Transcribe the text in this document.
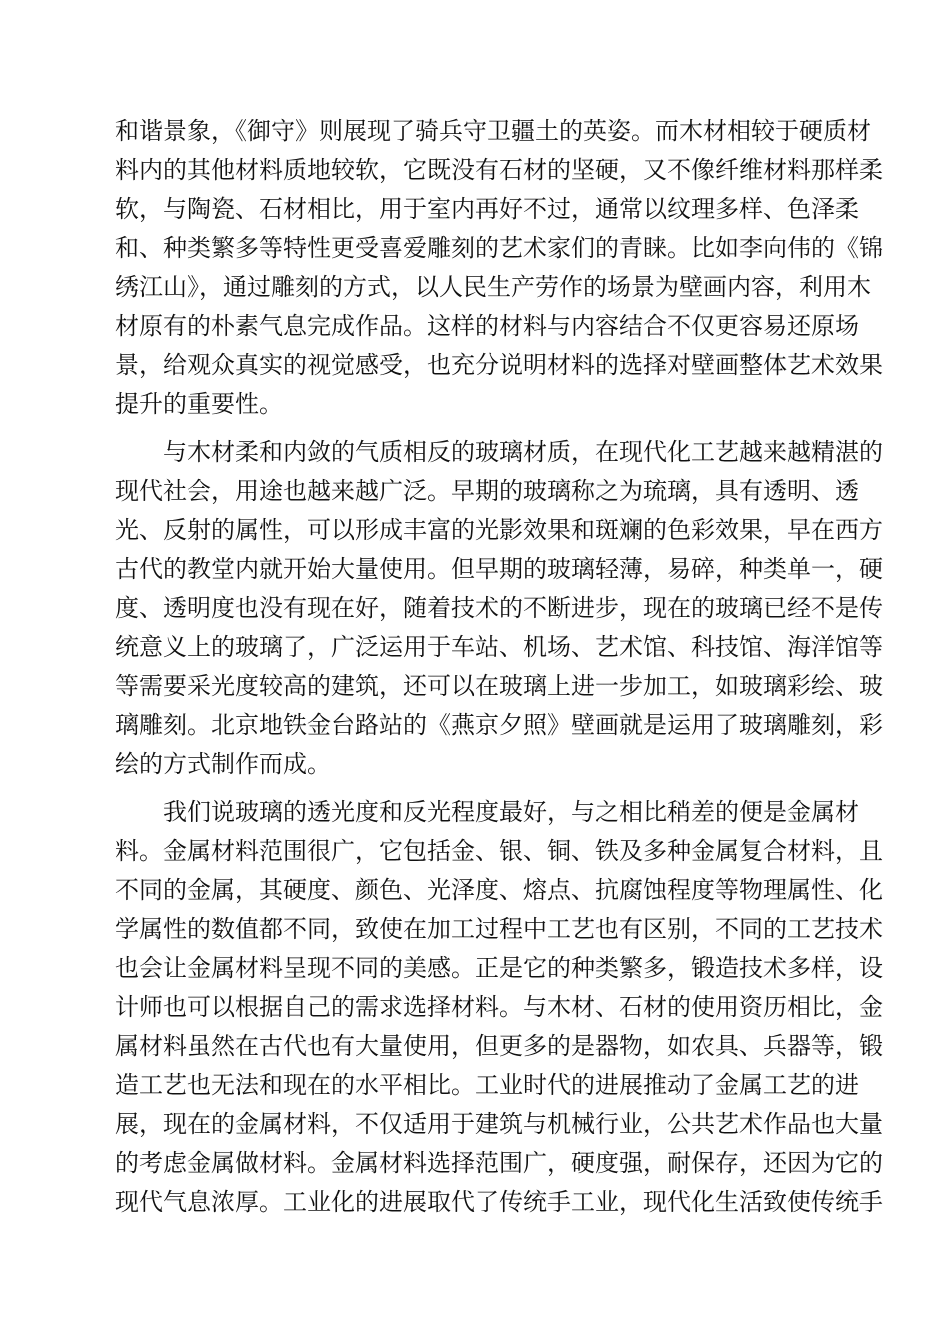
和谐景象，《御守》则展现了骑兵守卫疆土的英姿。而木材相较于硬质材
料内的其他材料质地较软，它既没有石材的坚硬，又不像纤维材料那样柔
软，与陶瓷、石材相比，用于室内再好不过，通常以纹理多样、色泽柔
和、种类繁多等特性更受喜爱雕刻的艺术家们的青睐。比如李向伟的《锦
绣江山》，通过雕刻的方式，以人民生产劳作的场景为壁画内容，利用木
材原有的朴素气息完成作品。这样的材料与内容结合不仅更容易还原场
景，给观众真实的视觉感受，也充分说明材料的选择对壁画整体艺术效果
提升的重要性。
与木材柔和内敛的气质相反的玻璃材质，在现代化工艺越来越精湛的
现代社会，用途也越来越广泛。早期的玻璃称之为琉璃，具有透明、透
光、反射的属性，可以形成丰富的光影效果和斑斓的色彩效果，早在西方
古代的教堂内就开始大量使用。但早期的玻璃轻薄，易碎，种类单一，硬
度、透明度也没有现在好，随着技术的不断进步，现在的玻璃已经不是传
统意义上的玻璃了，广泛运用于车站、机场、艺术馆、科技馆、海洋馆等
等需要采光度较高的建筑，还可以在玻璃上进一步加工，如玻璃彩绘、玻
璃雕刻。北京地铁金台路站的《燕京夕照》壁画就是运用了玻璃雕刻，彩
绘的方式制作而成。
我们说玻璃的透光度和反光程度最好，与之相比稍差的便是金属材
料。金属材料范围很广，它包括金、银、铜、铁及多种金属复合材料，且
不同的金属，其硬度、颜色、光泽度、熔点、抗腐蚀程度等物理属性、化
学属性的数值都不同，致使在加工过程中工艺也有区别，不同的工艺技术
也会让金属材料呈现不同的美感。正是它的种类繁多，锻造技术多样，设
计师也可以根据自己的需求选择材料。与木材、石材的使用资历相比，金
属材料虽然在古代也有大量使用，但更多的是器物，如农具、兵器等，锻
造工艺也无法和现在的水平相比。工业时代的进展推动了金属工艺的进
展，现在的金属材料，不仅适用于建筑与机械行业，公共艺术作品也大量
的考虑金属做材料。金属材料选择范围广，硬度强，耐保存，还因为它的
现代气息浓厚。工业化的进展取代了传统手工业，现代化生活致使传统手
